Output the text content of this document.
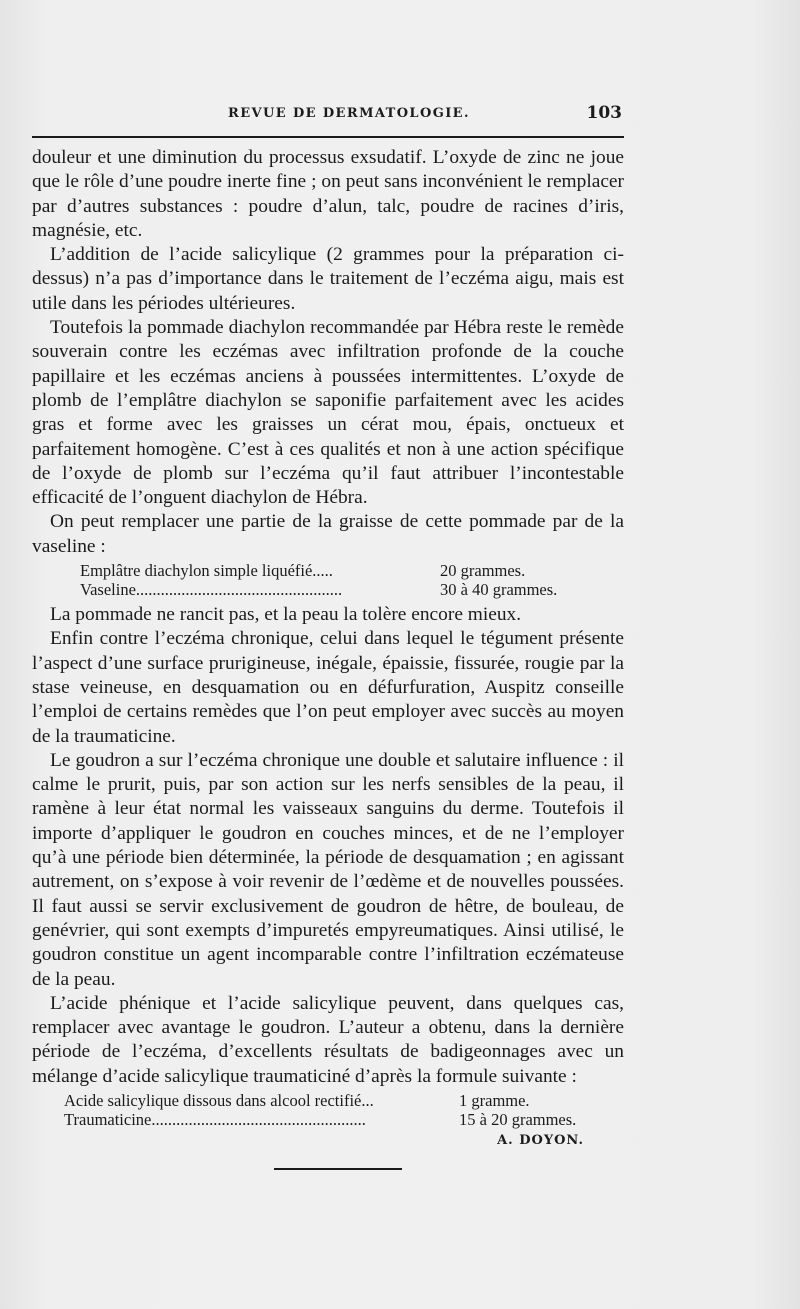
REVUE DE DERMATOLOGIE.	103

douleur et une diminution du processus exsudatif. L’oxyde de zinc ne joue que le rôle d’une poudre inerte fine ; on peut sans inconvénient le remplacer par d’autres substances : poudre d’alun, talc, poudre de racines d’iris, magnésie, etc.

L’addition de l’acide salicylique (2 grammes pour la préparation ci-dessus) n’a pas d’importance dans le traitement de l’eczéma aigu, mais est utile dans les périodes ultérieures.

Toutefois la pommade diachylon recommandée par Hébra reste le remède souverain contre les eczémas avec infiltration profonde de la couche papillaire et les eczémas anciens à poussées intermittentes. L’oxyde de plomb de l’emplâtre diachylon se saponifie parfaitement avec les acides gras et forme avec les graisses un cérat mou, épais, onctueux et parfaitement homogène. C’est à ces qualités et non à une action spécifique de l’oxyde de plomb sur l’eczéma qu’il faut attribuer l’incontestable efficacité de l’onguent diachylon de Hébra.

On peut remplacer une partie de la graisse de cette pommade par de la vaseline :

Emplâtre diachylon simple liquéfié.....	20 grammes.
Vaseline..................................................	30 à 40 grammes.

La pommade ne rancit pas, et la peau la tolère encore mieux.

Enfin contre l’eczéma chronique, celui dans lequel le tégument présente l’aspect d’une surface prurigineuse, inégale, épaissie, fissurée, rougie par la stase veineuse, en desquamation ou en défurfuration, Auspitz conseille l’emploi de certains remèdes que l’on peut employer avec succès au moyen de la traumaticine.

Le goudron a sur l’eczéma chronique une double et salutaire influence : il calme le prurit, puis, par son action sur les nerfs sensibles de la peau, il ramène à leur état normal les vaisseaux sanguins du derme. Toutefois il importe d’appliquer le goudron en couches minces, et de ne l’employer qu’à une période bien déterminée, la période de desquamation ; en agissant autrement, on s’expose à voir revenir de l’œdème et de nouvelles poussées. Il faut aussi se servir exclusivement de goudron de hêtre, de bouleau, de genévrier, qui sont exempts d’impuretés empyreumatiques. Ainsi utilisé, le goudron constitue un agent incomparable contre l’infiltration eczémateuse de la peau.

L’acide phénique et l’acide salicylique peuvent, dans quelques cas, remplacer avec avantage le goudron. L’auteur a obtenu, dans la dernière période de l’eczéma, d’excellents résultats de badigeonnages avec un mélange d’acide salicylique traumaticiné d’après la formule suivante :

Acide salicylique dissous dans alcool rectifié...	1 gramme.
Traumaticine....................................................	15 à 20 grammes.
A. DOYON.
